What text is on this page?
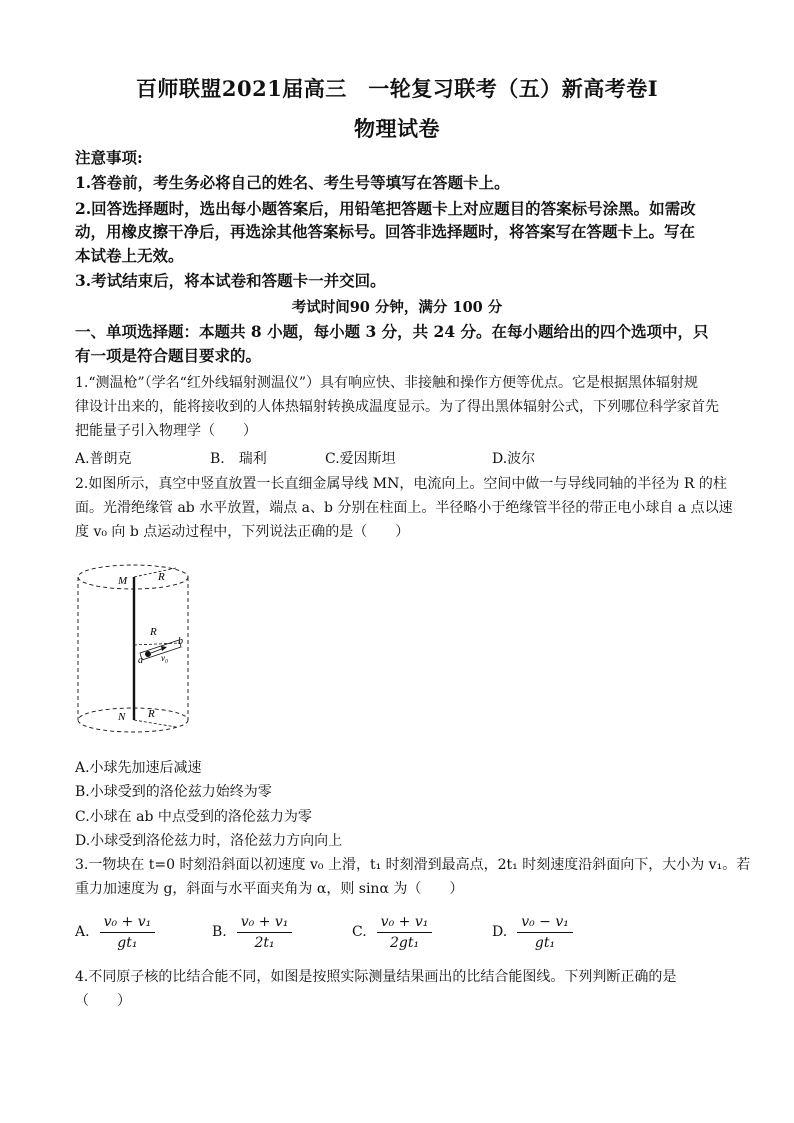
百师联盟2021届高三　一轮复习联考（五）新高考卷I
物理试卷
注意事项:
1.答卷前，考生务必将自己的姓名、考生号等填写在答题卡上。
2.回答选择题时，选出每小题答案后，用铅笔把答题卡上对应题目的答案标号涂黑。如需改
动，用橡皮擦干净后，再选涂其他答案标号。回答非选择题时，将答案写在答题卡上。写在
本试卷上无效。
3.考试结束后，将本试卷和答题卡一并交回。
考试时间90 分钟，满分 100 分
一、单项选择题：本题共 8 小题，每小题 3 分，共 24 分。在每小题给出的四个选项中，只
有一项是符合题目要求的。
1.“测温枪”（学名“红外线辐射测温仪”）具有响应快、非接触和操作方便等优点。它是根据黑体辐射规
律设计出来的，能将接收到的人体热辐射转换成温度显示。为了得出黑体辐射公式，下列哪位科学家首先
把能量子引入物理学（　　）
A.普朗克	B.　瑞利	C.爱因斯坦	D.波尔
2.如图所示，真空中竖直放置一长直细金属导线 MN，电流向上。空间中做一与导线同轴的半径为 R 的柱
面。光滑绝缘管 ab 水平放置，端点 a、b 分别在柱面上。半径略小于绝缘管半径的带正电小球自 a 点以速
度 v₀ 向 b 点运动过程中，下列说法正确的是（　　）
M	R
R
b
a v₀
N R
A.小球先加速后减速
B.小球受到的洛伦兹力始终为零
C.小球在 ab 中点受到的洛伦兹力为零
D.小球受到洛伦兹力时，洛伦兹力方向向上
3.一物块在 t=0 时刻沿斜面以初速度 v₀ 上滑，t₁ 时刻滑到最高点，2t₁ 时刻速度沿斜面向下，大小为 v₁。若
重力加速度为 g，斜面与水平面夹角为 α，则 sinα 为（　　）
A. $\frac{\text{v₀ + v₁}}{\text{gt₁}}$	B. $\frac{\text{v₀ + v₁}}{\text{2t₁}}$	C. $\frac{\text{v₀ + v₁}}{\text{2gt₁}}$	D. $\frac{\text{v₀ − v₁}}{\text{gt₁}}$
4.不同原子核的比结合能不同，如图是按照实际测量结果画出的比结合能图线。下列判断正确的是
（　　）
